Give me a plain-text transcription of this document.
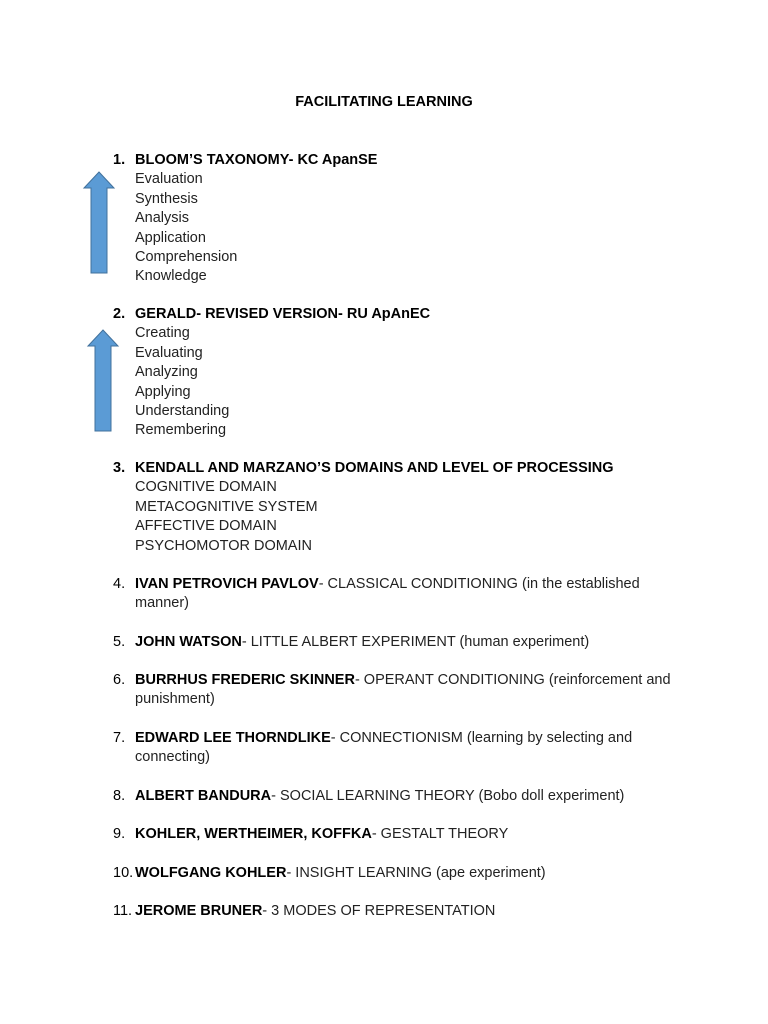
FACILITATING LEARNING
1. BLOOM’S TAXONOMY- KC ApanSE
Evaluation
Synthesis
Analysis
Application
Comprehension
Knowledge
2. GERALD- REVISED VERSION- RU ApAnEC
Creating
Evaluating
Analyzing
Applying
Understanding
Remembering
3. KENDALL AND MARZANO’S DOMAINS AND LEVEL OF PROCESSING
COGNITIVE DOMAIN
METACOGNITIVE SYSTEM
AFFECTIVE DOMAIN
PSYCHOMOTOR DOMAIN
4. IVAN PETROVICH PAVLOV- CLASSICAL CONDITIONING (in the established manner)
5. JOHN WATSON- LITTLE ALBERT EXPERIMENT (human experiment)
6. BURRHUS FREDERIC SKINNER- OPERANT CONDITIONING (reinforcement and punishment)
7. EDWARD LEE THORNDLIKE- CONNECTIONISM (learning by selecting and connecting)
8. ALBERT BANDURA- SOCIAL LEARNING THEORY (Bobo doll experiment)
9. KOHLER, WERTHEIMER, KOFFKA- GESTALT THEORY
10. WOLFGANG KOHLER- INSIGHT LEARNING (ape experiment)
11. JEROME BRUNER- 3 MODES OF REPRESENTATION
